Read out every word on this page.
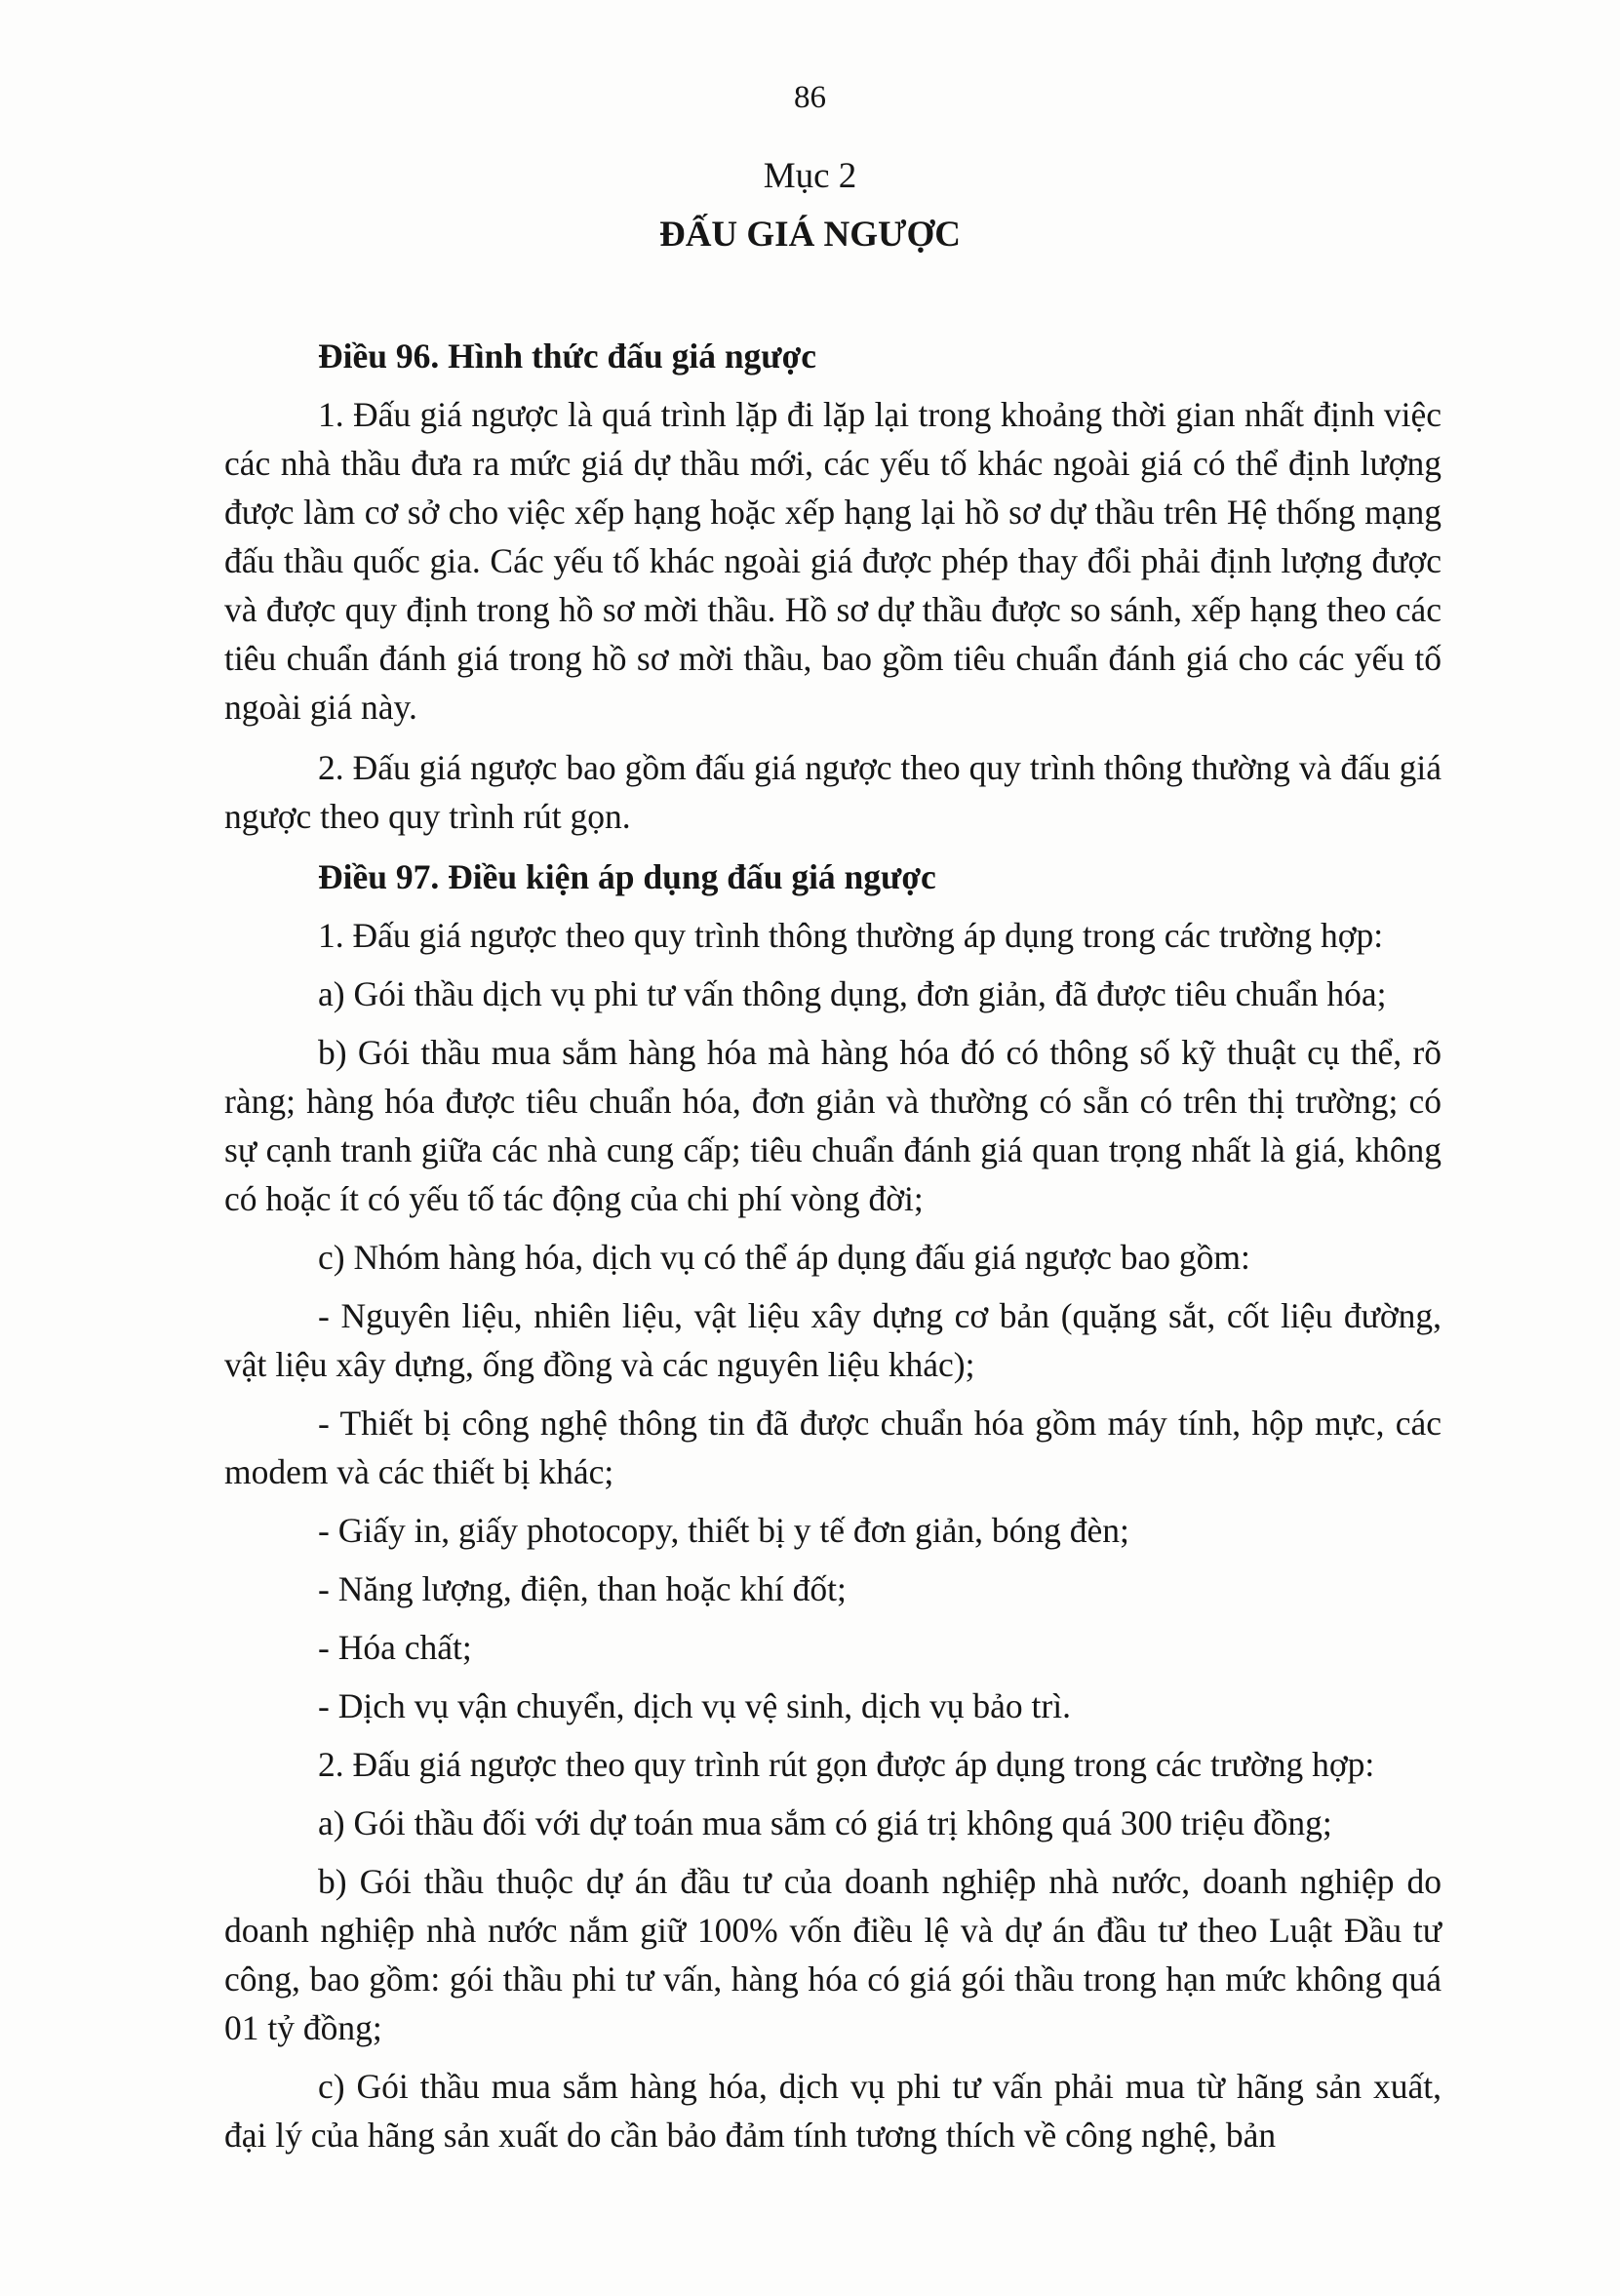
86
Mục 2
ĐẤU GIÁ NGƯỢC
Điều 96. Hình thức đấu giá ngược

1. Đấu giá ngược là quá trình lặp đi lặp lại trong khoảng thời gian nhất định việc các nhà thầu đưa ra mức giá dự thầu mới, các yếu tố khác ngoài giá có thể định lượng được làm cơ sở cho việc xếp hạng hoặc xếp hạng lại hồ sơ dự thầu trên Hệ thống mạng đấu thầu quốc gia. Các yếu tố khác ngoài giá được phép thay đổi phải định lượng được và được quy định trong hồ sơ mời thầu. Hồ sơ dự thầu được so sánh, xếp hạng theo các tiêu chuẩn đánh giá trong hồ sơ mời thầu, bao gồm tiêu chuẩn đánh giá cho các yếu tố ngoài giá này.

2. Đấu giá ngược bao gồm đấu giá ngược theo quy trình thông thường và đấu giá ngược theo quy trình rút gọn.

Điều 97. Điều kiện áp dụng đấu giá ngược

1. Đấu giá ngược theo quy trình thông thường áp dụng trong các trường hợp:

a) Gói thầu dịch vụ phi tư vấn thông dụng, đơn giản, đã được tiêu chuẩn hóa;

b) Gói thầu mua sắm hàng hóa mà hàng hóa đó có thông số kỹ thuật cụ thể, rõ ràng; hàng hóa được tiêu chuẩn hóa, đơn giản và thường có sẵn có trên thị trường; có sự cạnh tranh giữa các nhà cung cấp; tiêu chuẩn đánh giá quan trọng nhất là giá, không có hoặc ít có yếu tố tác động của chi phí vòng đời;

c) Nhóm hàng hóa, dịch vụ có thể áp dụng đấu giá ngược bao gồm:

- Nguyên liệu, nhiên liệu, vật liệu xây dựng cơ bản (quặng sắt, cốt liệu đường, vật liệu xây dựng, ống đồng và các nguyên liệu khác);

- Thiết bị công nghệ thông tin đã được chuẩn hóa gồm máy tính, hộp mực, các modem và các thiết bị khác;

- Giấy in, giấy photocopy, thiết bị y tế đơn giản, bóng đèn;

- Năng lượng, điện, than hoặc khí đốt;

- Hóa chất;

- Dịch vụ vận chuyển, dịch vụ vệ sinh, dịch vụ bảo trì.

2. Đấu giá ngược theo quy trình rút gọn được áp dụng trong các trường hợp:

a) Gói thầu đối với dự toán mua sắm có giá trị không quá 300 triệu đồng;

b) Gói thầu thuộc dự án đầu tư của doanh nghiệp nhà nước, doanh nghiệp do doanh nghiệp nhà nước nắm giữ 100% vốn điều lệ và dự án đầu tư theo Luật Đầu tư công, bao gồm: gói thầu phi tư vấn, hàng hóa có giá gói thầu trong hạn mức không quá 01 tỷ đồng;

c) Gói thầu mua sắm hàng hóa, dịch vụ phi tư vấn phải mua từ hãng sản xuất, đại lý của hãng sản xuất do cần bảo đảm tính tương thích về công nghệ, bản
